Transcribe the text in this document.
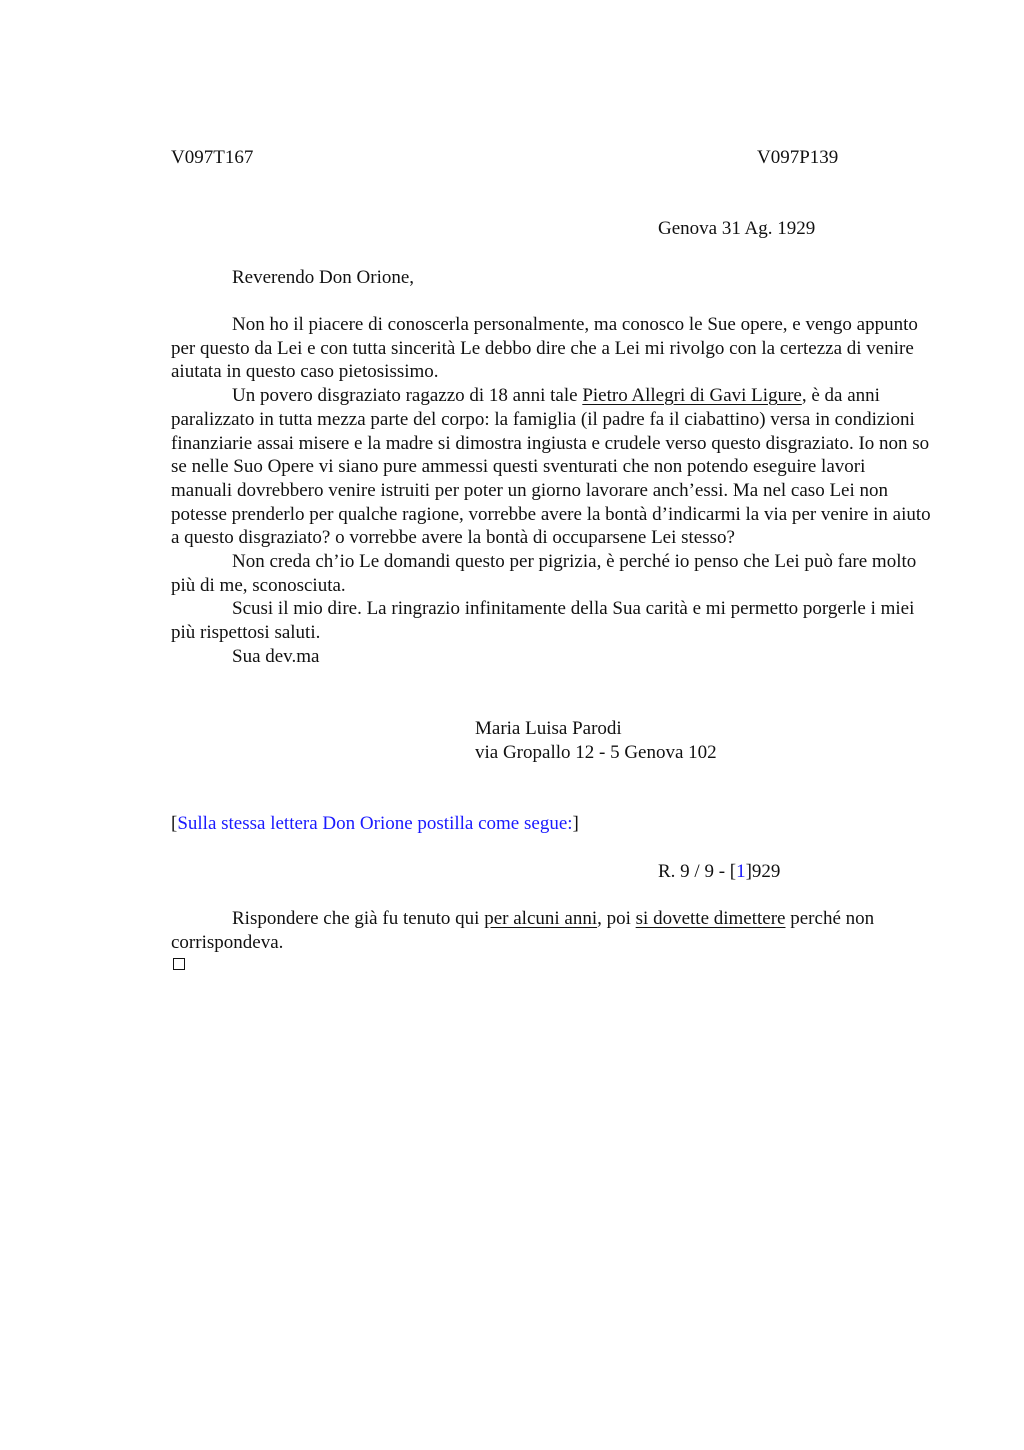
V097T167	V097P139
Genova 31 Ag. 1929
Reverendo Don Orione,
Non ho il piacere di conoscerla personalmente, ma conosco le Sue opere, e vengo appunto per questo da Lei e con tutta sincerità Le debbo dire che a Lei mi rivolgo con la certezza di venire aiutata in questo caso pietosissimo.
Un povero disgraziato ragazzo di 18 anni tale Pietro Allegri di Gavi Ligure, è da anni paralizzato in tutta mezza parte del corpo: la famiglia (il padre fa il ciabattino) versa in condizioni finanziarie assai misere e la madre si dimostra ingiusta e crudele verso questo disgraziato. Io non so se nelle Suo Opere vi siano pure ammessi questi sventurati che non potendo eseguire lavori manuali dovrebbero venire istruiti per poter un giorno lavorare anch’essi. Ma nel caso Lei non potesse prenderlo per qualche ragione, vorrebbe avere la bontà d’indicarmi la via per venire in aiuto a questo disgraziato? o vorrebbe avere la bontà di occuparsene Lei stesso?
Non creda ch’io Le domandi questo per pigrizia, è perché io penso che Lei può fare molto più di me, sconosciuta.
Scusi il mio dire. La ringrazio infinitamente della Sua carità e mi permetto porgerle i miei più rispettosi saluti.
Sua dev.ma
Maria Luisa Parodi
via Gropallo 12 - 5 Genova 102
[Sulla stessa lettera Don Orione postilla come segue:]
R. 9 / 9 - [1]929
Rispondere che già fu tenuto qui per alcuni anni, poi si dovette dimettere perché non corrispondeva.
